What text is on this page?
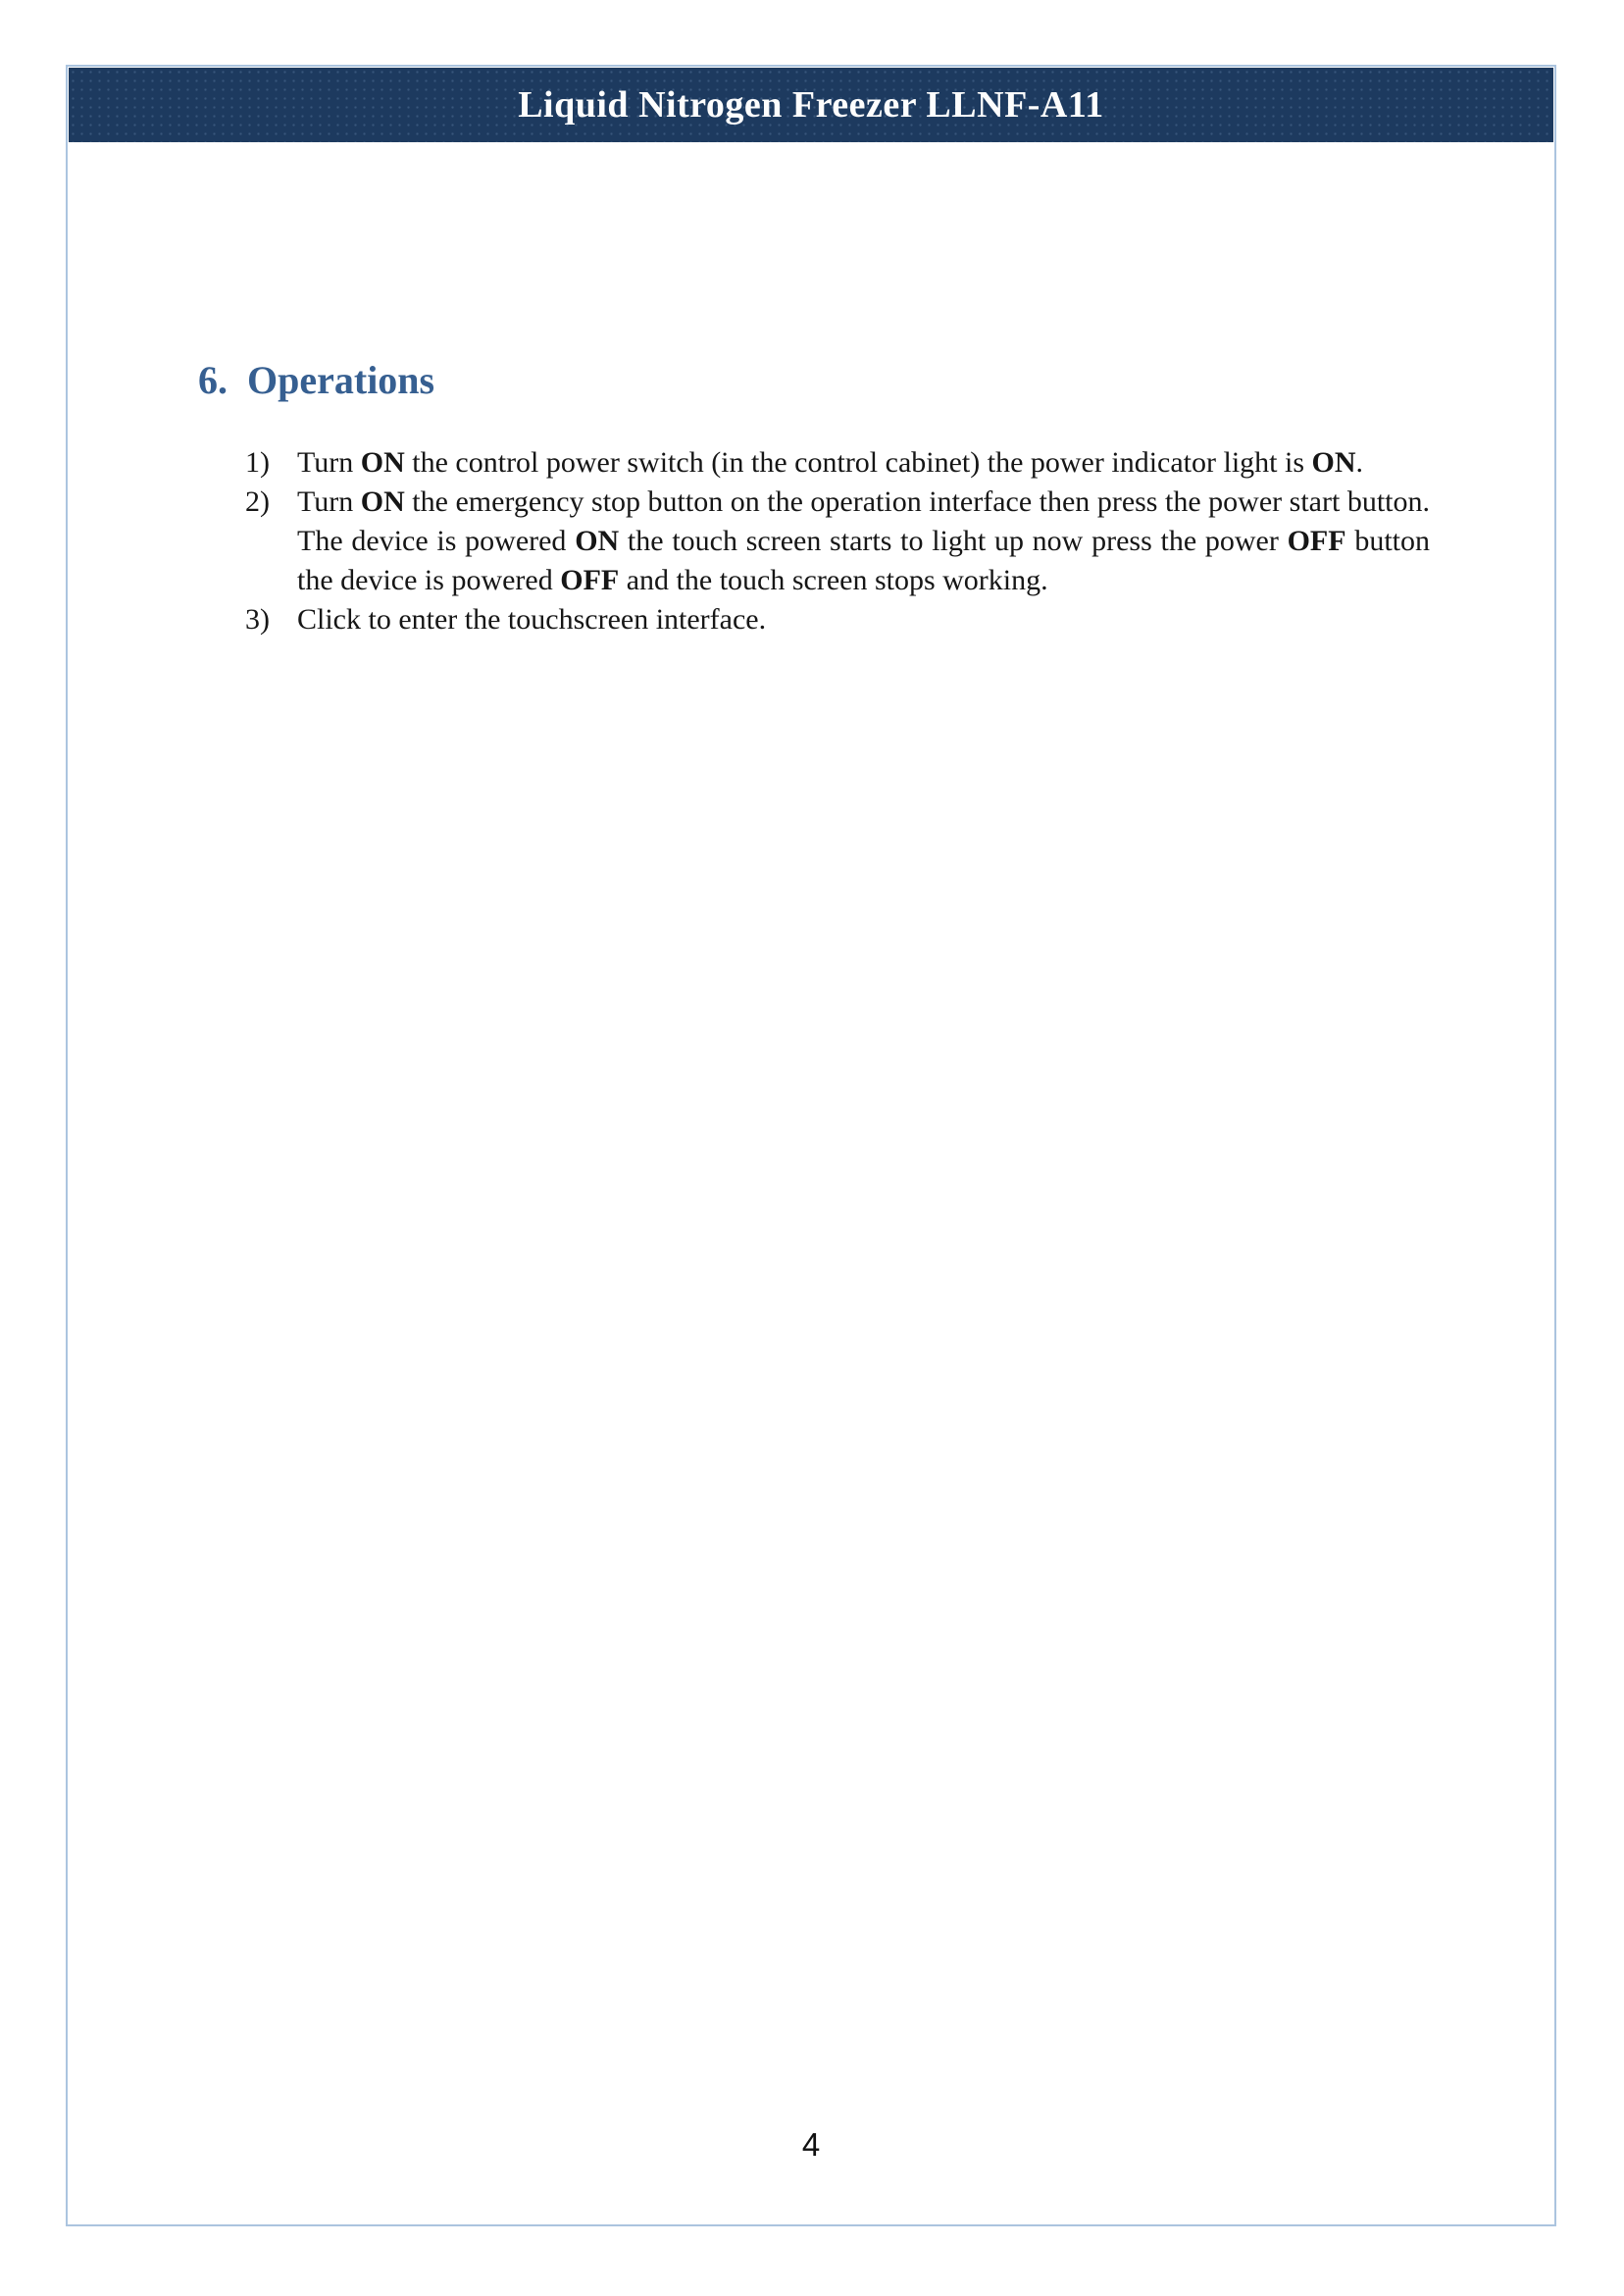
Liquid Nitrogen Freezer LLNF-A11
6. Operations
1) Turn ON the control power switch (in the control cabinet) the power indicator light is ON.
2) Turn ON the emergency stop button on the operation interface then press the power start button. The device is powered ON the touch screen starts to light up now press the power OFF button the device is powered OFF and the touch screen stops working.
3) Click to enter the touchscreen interface.
4
